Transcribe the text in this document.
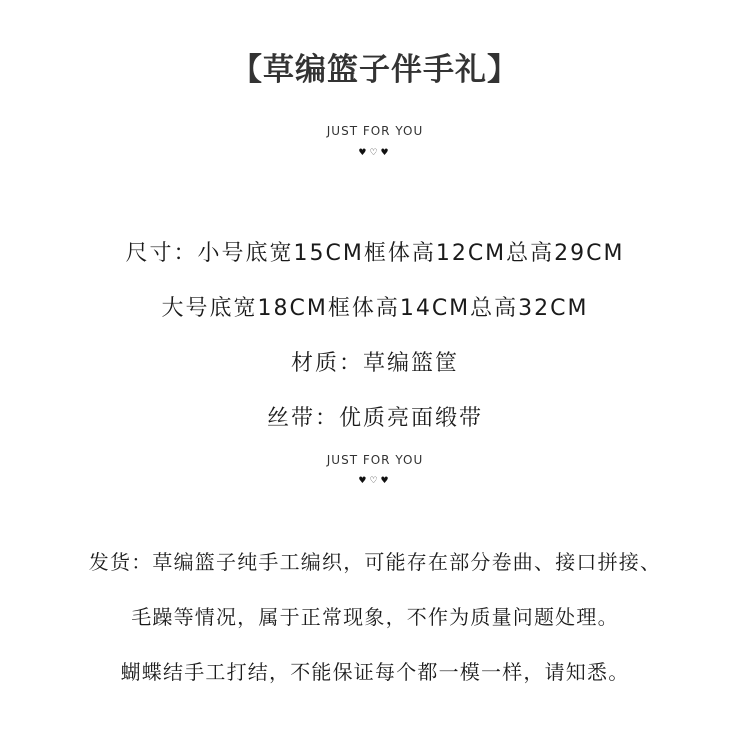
【草编篮子伴手礼】
JUST FOR YOU
♥♡♥
尺寸：小号底宽15CM框体高12CM总高29CM
大号底宽18CM框体高14CM总高32CM
材质：草编篮筐
丝带：优质亮面缎带
JUST FOR YOU
♥♡♥
发货：草编篮子纯手工编织，可能存在部分卷曲、接口拼接、
毛躁等情况，属于正常现象，不作为质量问题处理。
蝴蝶结手工打结，不能保证每个都一模一样，请知悉。
